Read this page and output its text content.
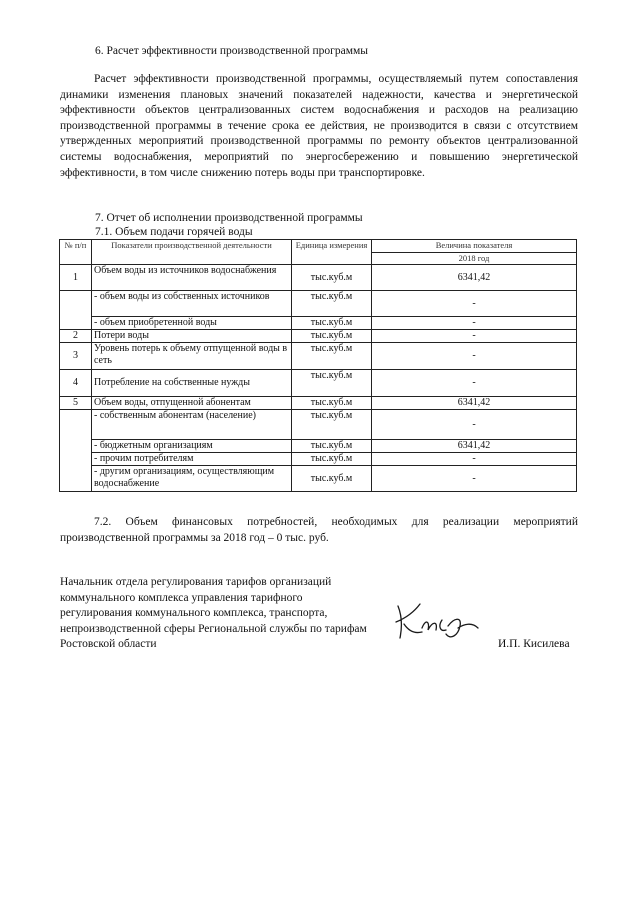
6. Расчет эффективности производственной программы

Расчет эффективности производственной программы, осуществляемый путем сопоставления динамики изменения плановых значений показателей надежности, качества и энергетической эффективности объектов централизованных систем водоснабжения и расходов на реализацию производственной программы в течение срока ее действия, не производится в связи с отсутствием утвержденных мероприятий производственной программы по ремонту объектов централизованной системы водоснабжения, мероприятий по энергосбережению и повышению энергетической эффективности, в том числе снижению потерь воды при транспортировке.

7. Отчет об исполнении производственной программы
7.1. Объем подачи горячей воды
№ п/п	Показатели производственной деятельности	Единица измерения	Величина показателя
			2018 год
1	Объем воды из источников водоснабжения	тыс.куб.м	6341,42
	- объем воды из собственных источников	тыс.куб.м	-
	- объем приобретенной воды	тыс.куб.м	-
2	Потери воды	тыс.куб.м	-
3	Уровень потерь к объему отпущенной воды в сеть	тыс.куб.м	-
4	Потребление на собственные нужды	тыс.куб.м	-
5	Объем воды, отпущенной абонентам	тыс.куб.м	6341,42
	- собственным абонентам (население)	тыс.куб.м	-
	- бюджетным организациям	тыс.куб.м	6341,42
	- прочим потребителям	тыс.куб.м	-
	- другим организациям, осуществляющим водоснабжение	тыс.куб.м	-

7.2. Объем финансовых потребностей, необходимых для реализации мероприятий производственной программы за 2018 год – 0 тыс. руб.

Начальник отдела регулирования тарифов организаций коммунального комплекса управления тарифного регулирования коммунального комплекса, транспорта, непроизводственной сферы Региональной службы по тарифам Ростовской области	И.П. Кисилева
